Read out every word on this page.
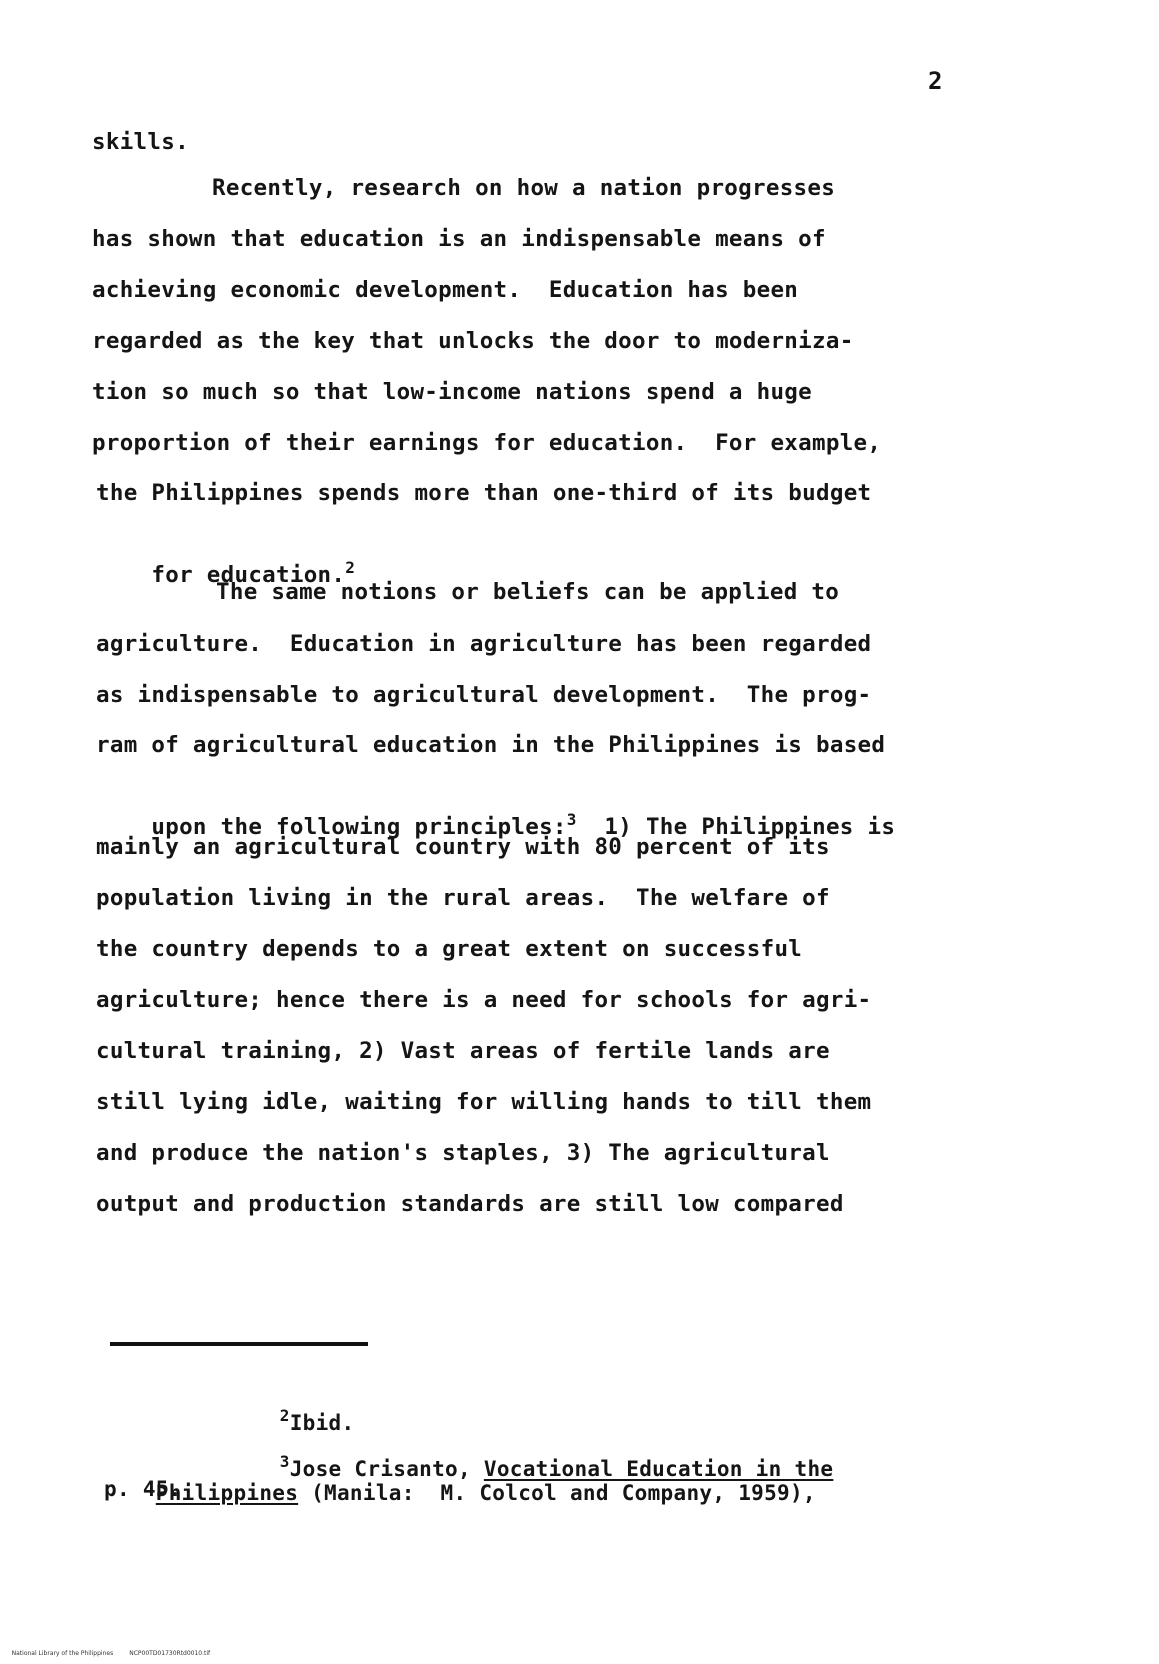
2
skills.
Recently, research on how a nation progresses
has shown that education is an indispensable means of
achieving economic development.  Education has been
regarded as the key that unlocks the door to moderniza-
tion so much so that low-income nations spend a huge
proportion of their earnings for education.  For example,
the Philippines spends more than one-third of its budget

for education.$^2$

The same notions or beliefs can be applied to
agriculture.  Education in agriculture has been regarded
as indispensable to agricultural development.  The prog-
ram of agricultural education in the Philippines is based

upon the following principles:$^3$ 1) The Philippines is

mainly an agricultural country with 80 percent of its
population living in the rural areas.  The welfare of
the country depends to a great extent on successful
agriculture; hence there is a need for schools for agri-
cultural training, 2) Vast areas of fertile lands are
still lying idle, waiting for willing hands to till them
and produce the nation's staples, 3) The agricultural
output and production standards are still low compared

$^2$Ibid.

$^3$Jose Crisanto, Vocational Education in the

Philippines (Manila:  M. Colcol and Company, 1959),

p. 45.

National Library of the Philippines	NCP00TD01730Rtd0010.tif
